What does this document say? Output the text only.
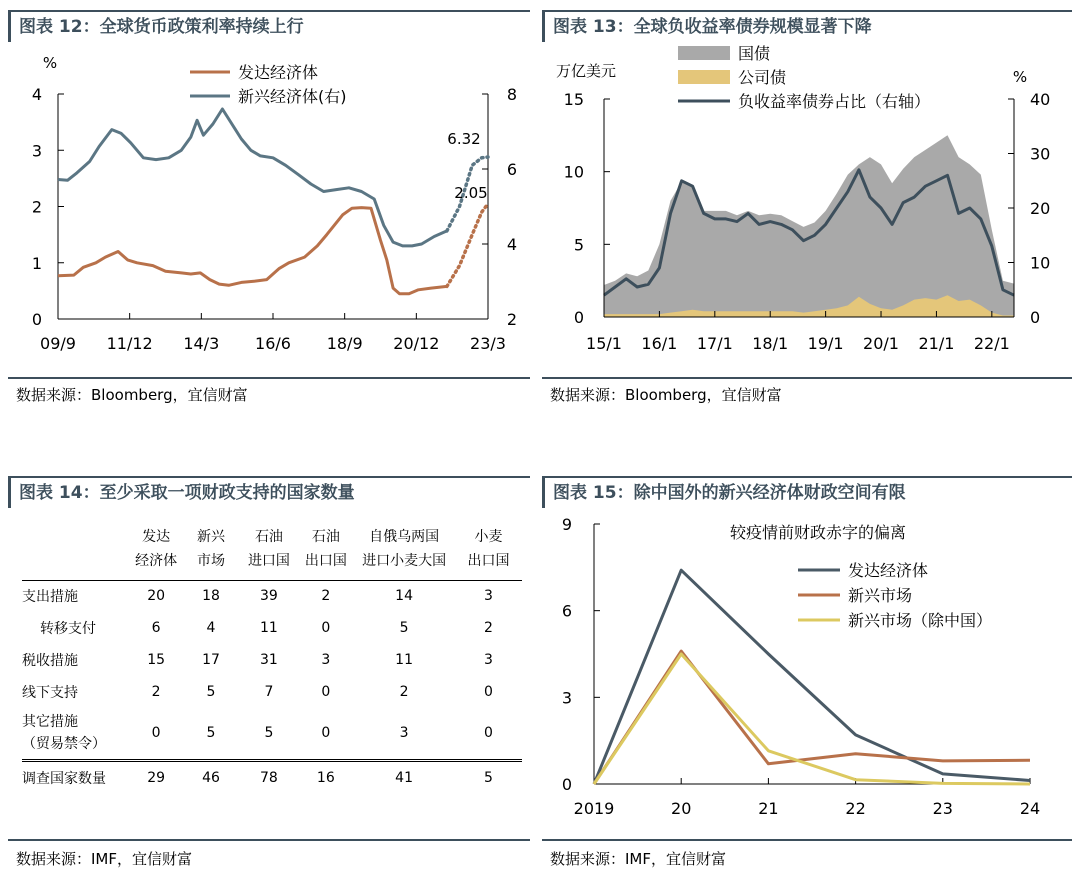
图表 12：全球货币政策利率持续上行
%
0
1
2
3
4
2
4
6
8
09/9 11/12 14/3 16/6 18/9 20/12 23/3
发达经济体
新兴经济体(右)
6.32
2.05
数据来源：Bloomberg，宜信财富
图表 13：全球负收益率债券规模显著下降
万亿美元	%
0
5
10
15
0
10
20
30
40
15/1 16/1 17/1 18/1 19/1 20/1 21/1 22/1
国债
公司债
负收益率债券占比（右轴）
数据来源：Bloomberg，宜信财富
图表 14：至少采取一项财政支持的国家数量
	发达	新兴	石油	石油	自俄乌两国	小麦
	经济体	市场	进口国	出口国	进口小麦大国	出口国
支出措施	20	18	39	2	14	3
转移支付	6	4	11	0	5	2
税收措施	15	17	31	3	11	3
线下支持	2	5	7	0	2	0
其它措施
（贸易禁令）	0	5	5	0	3	0
调查国家数量	29	46	78	16	41	5
数据来源：IMF，宜信财富
图表 15：除中国外的新兴经济体财政空间有限
较疫情前财政赤字的偏离
0
3
6
9
2019	20	21	22	23	24
发达经济体
新兴市场
新兴市场（除中国）
数据来源：IMF，宜信财富
